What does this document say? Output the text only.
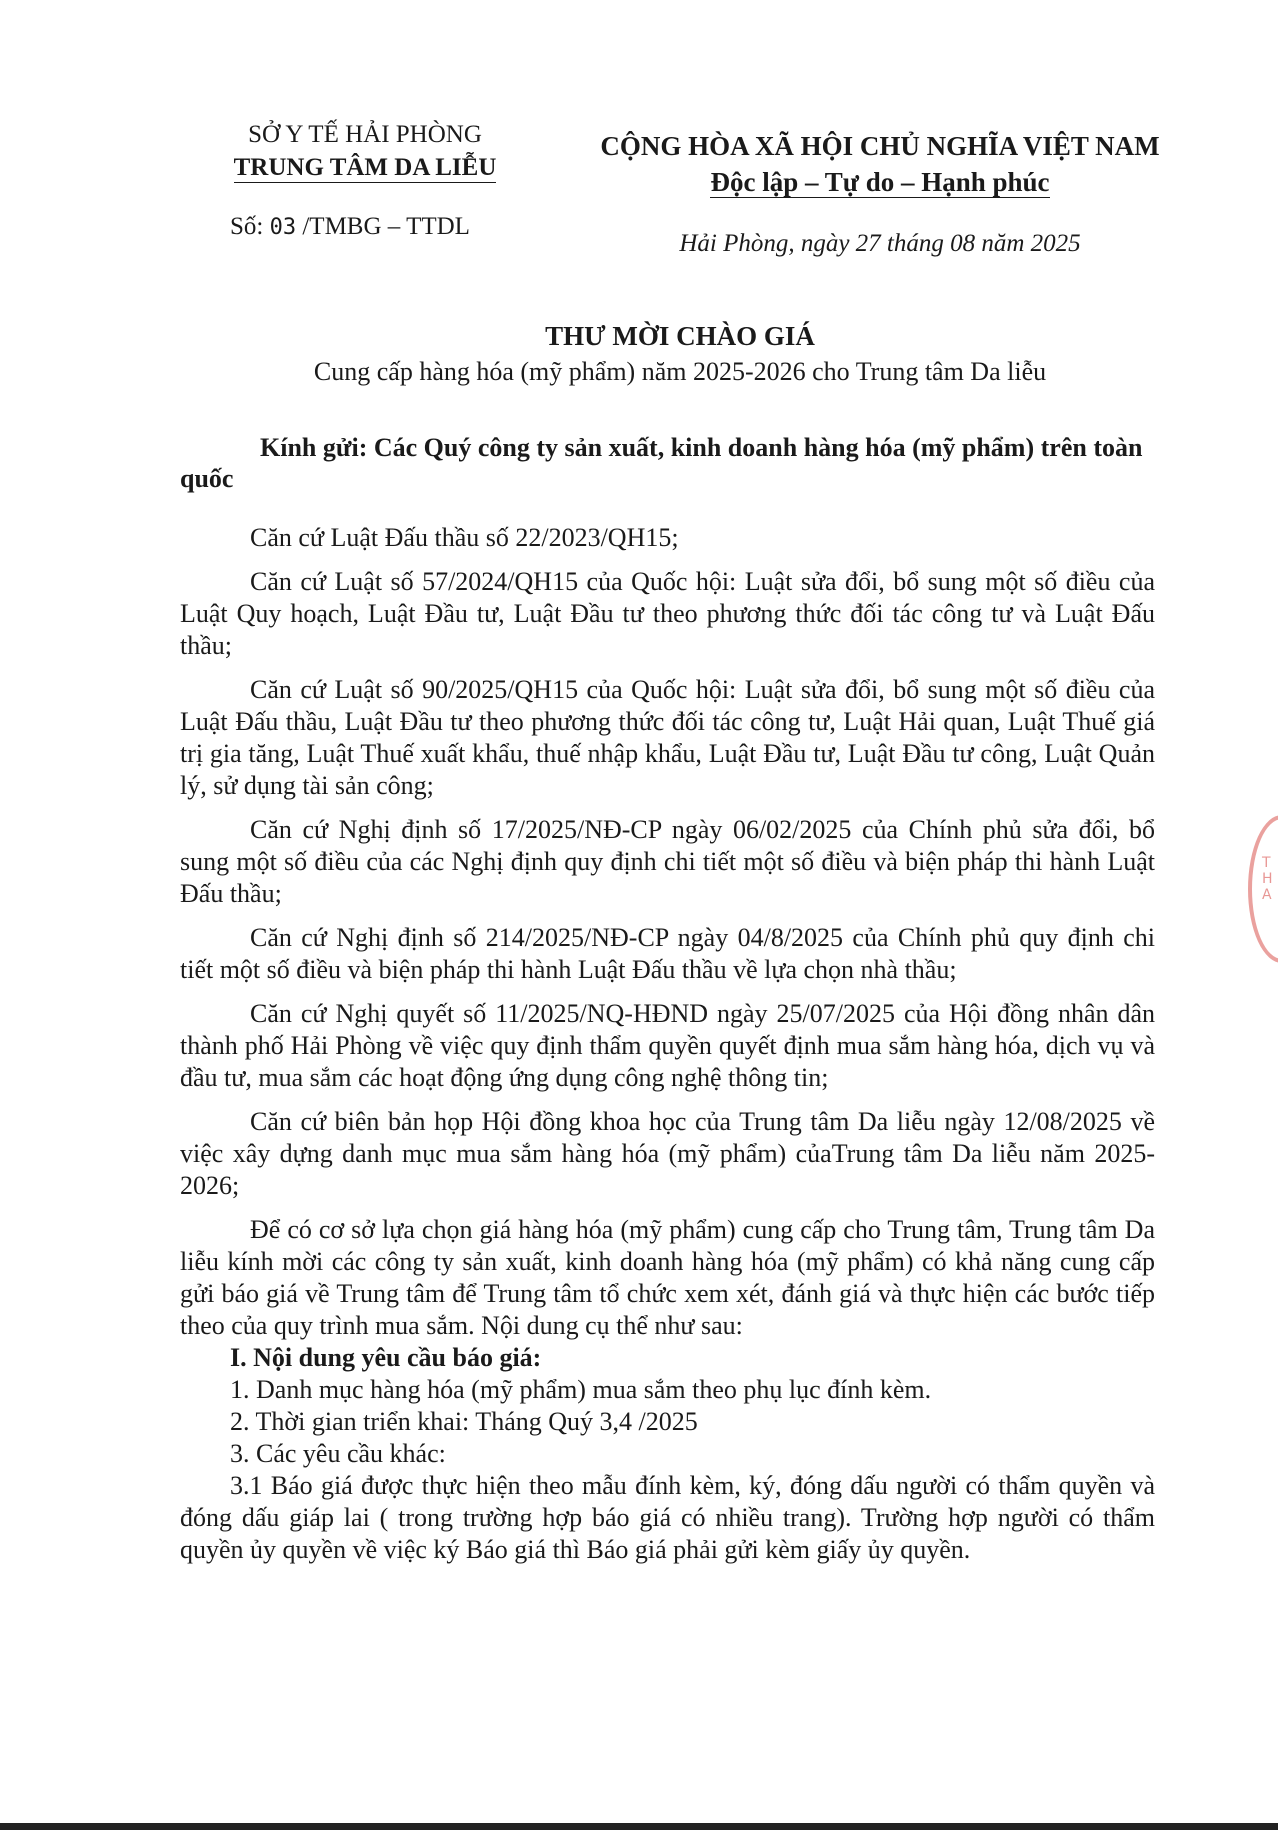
SỞ Y TẾ HẢI PHÒNG
TRUNG TÂM DA LIỄU
Số: 03 /TMBG – TTDL
CỘNG HÒA XÃ HỘI CHỦ NGHĨA VIỆT NAM
Độc lập – Tự do – Hạnh phúc
Hải Phòng, ngày 27 tháng 08 năm 2025
THƯ MỜI CHÀO GIÁ
Cung cấp hàng hóa (mỹ phẩm) năm 2025-2026 cho Trung tâm Da liễu
Kính gửi: Các Quý công ty sản xuất, kinh doanh hàng hóa (mỹ phẩm) trên toàn quốc

Căn cứ Luật Đấu thầu số 22/2023/QH15;

Căn cứ Luật số 57/2024/QH15 của Quốc hội: Luật sửa đổi, bổ sung một số điều của Luật Quy hoạch, Luật Đầu tư, Luật Đầu tư theo phương thức đối tác công tư và Luật Đấu thầu;

Căn cứ Luật số 90/2025/QH15 của Quốc hội: Luật sửa đổi, bổ sung một số điều của Luật Đấu thầu, Luật Đầu tư theo phương thức đối tác công tư, Luật Hải quan, Luật Thuế giá trị gia tăng, Luật Thuế xuất khẩu, thuế nhập khẩu, Luật Đầu tư, Luật Đầu tư công, Luật Quản lý, sử dụng tài sản công;

Căn cứ Nghị định số 17/2025/NĐ-CP ngày 06/02/2025 của Chính phủ sửa đổi, bổ sung một số điều của các Nghị định quy định chi tiết một số điều và biện pháp thi hành Luật Đấu thầu;

Căn cứ Nghị định số 214/2025/NĐ-CP ngày 04/8/2025 của Chính phủ quy định chi tiết một số điều và biện pháp thi hành Luật Đấu thầu về lựa chọn nhà thầu;

Căn cứ Nghị quyết số 11/2025/NQ-HĐND ngày 25/07/2025 của Hội đồng nhân dân thành phố Hải Phòng về việc quy định thẩm quyền quyết định mua sắm hàng hóa, dịch vụ và đầu tư, mua sắm các hoạt động ứng dụng công nghệ thông tin;

Căn cứ biên bản họp Hội đồng khoa học của Trung tâm Da liễu ngày 12/08/2025 về việc xây dựng danh mục mua sắm hàng hóa (mỹ phẩm) củaTrung tâm Da liễu năm 2025-2026;

Để có cơ sở lựa chọn giá hàng hóa (mỹ phẩm) cung cấp cho Trung tâm, Trung tâm Da liễu kính mời các công ty sản xuất, kinh doanh hàng hóa (mỹ phẩm) có khả năng cung cấp gửi báo giá về Trung tâm để Trung tâm tổ chức xem xét, đánh giá và thực hiện các bước tiếp theo của quy trình mua sắm. Nội dung cụ thể như sau:

I. Nội dung yêu cầu báo giá:
1. Danh mục hàng hóa (mỹ phẩm) mua sắm theo phụ lục đính kèm.
2. Thời gian triển khai: Tháng Quý 3,4 /2025
3. Các yêu cầu khác:
3.1 Báo giá được thực hiện theo mẫu đính kèm, ký, đóng dấu người có thẩm quyền và đóng dấu giáp lai ( trong trường hợp báo giá có nhiều trang). Trường hợp người có thẩm quyền ủy quyền về việc ký Báo giá thì Báo giá phải gửi kèm giấy ủy quyền.
THA
